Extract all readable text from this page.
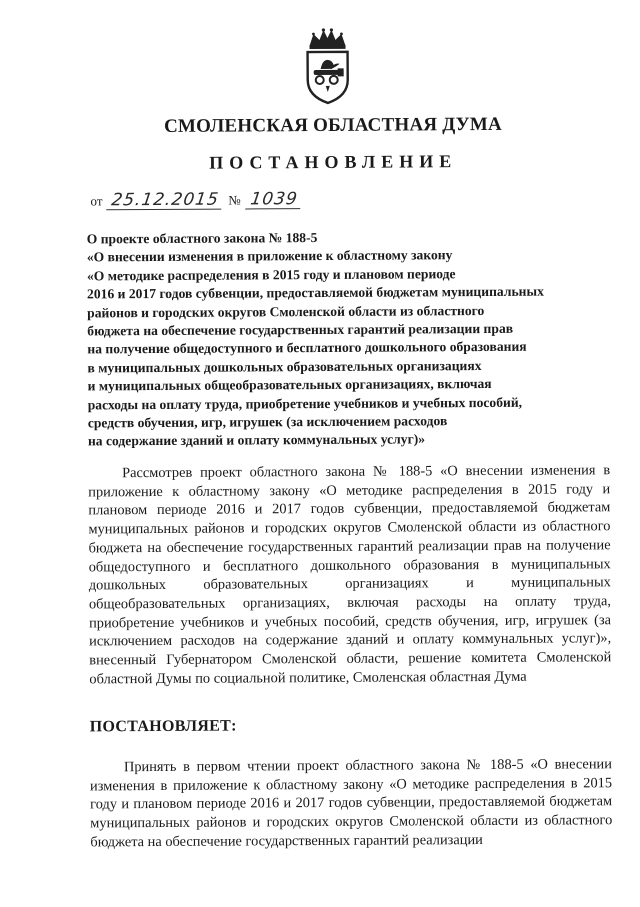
СМОЛЕНСКАЯ ОБЛАСТНАЯ ДУМА
ПОСТАНОВЛЕНИЕ
от 25.12.2015 № 1039
О проекте областного закона № 188-5
«О внесении изменения в приложение к областному закону
«О методике распределения в 2015 году и плановом периоде
2016 и 2017 годов субвенции, предоставляемой бюджетам муниципальных
районов и городских округов Смоленской области из областного
бюджета на обеспечение государственных гарантий реализации прав
на получение общедоступного и бесплатного дошкольного образования
в муниципальных дошкольных образовательных организациях
и муниципальных общеобразовательных организациях, включая
расходы на оплату труда, приобретение учебников и учебных пособий,
средств обучения, игр, игрушек (за исключением расходов
на содержание зданий и оплату коммунальных услуг)»
Рассмотрев проект областного закона № 188-5 «О внесении изменения в приложение к областному закону «О методике распределения в 2015 году и плановом периоде 2016 и 2017 годов субвенции, предоставляемой бюджетам муниципальных районов и городских округов Смоленской области из областного бюджета на обеспечение государственных гарантий реализации прав на получение общедоступного и бесплатного дошкольного образования в муниципальных дошкольных образовательных организациях и муниципальных общеобразовательных организациях, включая расходы на оплату труда, приобретение учебников и учебных пособий, средств обучения, игр, игрушек (за исключением расходов на содержание зданий и оплату коммунальных услуг)», внесенный Губернатором Смоленской области, решение комитета Смоленской областной Думы по социальной политике, Смоленская областная Дума
ПОСТАНОВЛЯЕТ:
Принять в первом чтении проект областного закона № 188-5 «О внесении изменения в приложение к областному закону «О методике распределения в 2015 году и плановом периоде 2016 и 2017 годов субвенции, предоставляемой бюджетам муниципальных районов и городских округов Смоленской области из областного бюджета на обеспечение государственных гарантий реализации
